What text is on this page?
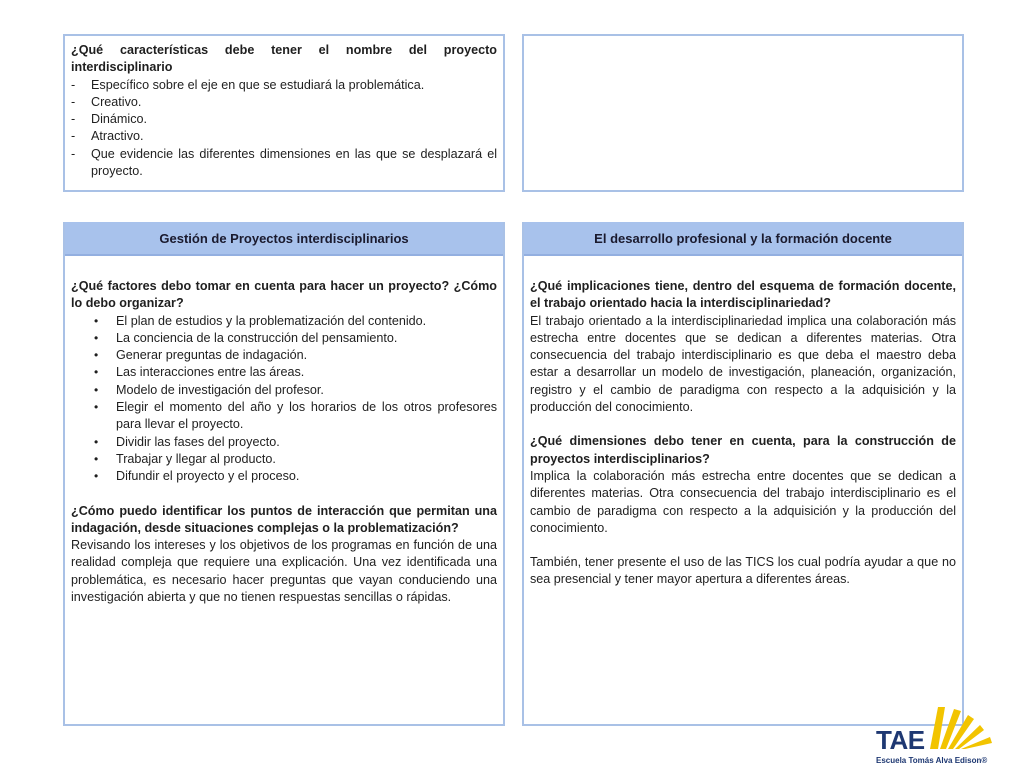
¿Qué características debe tener el nombre del proyecto interdisciplinario

- Específico sobre el eje en que se estudiará la problemática.
- Creativo.
- Dinámico.
- Atractivo.
- Que evidencie las diferentes dimensiones en las que se desplazará el proyecto.
Gestión de Proyectos interdisciplinarios

¿Qué factores debo tomar en cuenta para hacer un proyecto? ¿Cómo lo debo organizar?

• El plan de estudios y la problematización del contenido.
• La conciencia de la construcción del pensamiento.
• Generar preguntas de indagación.
• Las interacciones entre las áreas.
• Modelo de investigación del profesor.
• Elegir el momento del año y los horarios de los otros profesores para llevar el proyecto.
• Dividir las fases del proyecto.
• Trabajar y llegar al producto.
• Difundir el proyecto y el proceso.

¿Cómo puedo identificar los puntos de interacción que permitan una indagación, desde situaciones complejas o la problematización?

Revisando los intereses y los objetivos de los programas en función de una realidad compleja que requiere una explicación. Una vez identificada una problemática, es necesario hacer preguntas que vayan conduciendo una investigación abierta y que no tienen respuestas sencillas o rápidas.

El desarrollo profesional y la formación docente

¿Qué implicaciones tiene, dentro del esquema de formación docente, el trabajo orientado hacia la interdisciplinariedad?

El trabajo orientado a la interdisciplinariedad implica una colaboración más estrecha entre docentes que se dedican a diferentes materias. Otra consecuencia del trabajo interdisciplinario es que deba el maestro deba estar a desarrollar un modelo de investigación, planeación, organización, registro y el cambio de paradigma con respecto a la adquisición y la producción del conocimiento.

¿Qué dimensiones debo tener en cuenta, para la construcción de proyectos interdisciplinarios?

Implica la colaboración más estrecha entre docentes que se dedican a diferentes materias. Otra consecuencia del trabajo interdisciplinario es el cambio de paradigma con respecto a la adquisición y la producción del conocimiento.

También, tener presente el uso de las TICS los cual podría ayudar a que no sea presencial y tener mayor apertura a diferentes áreas.

TAE
Escuela Tomás Alva Edison®
